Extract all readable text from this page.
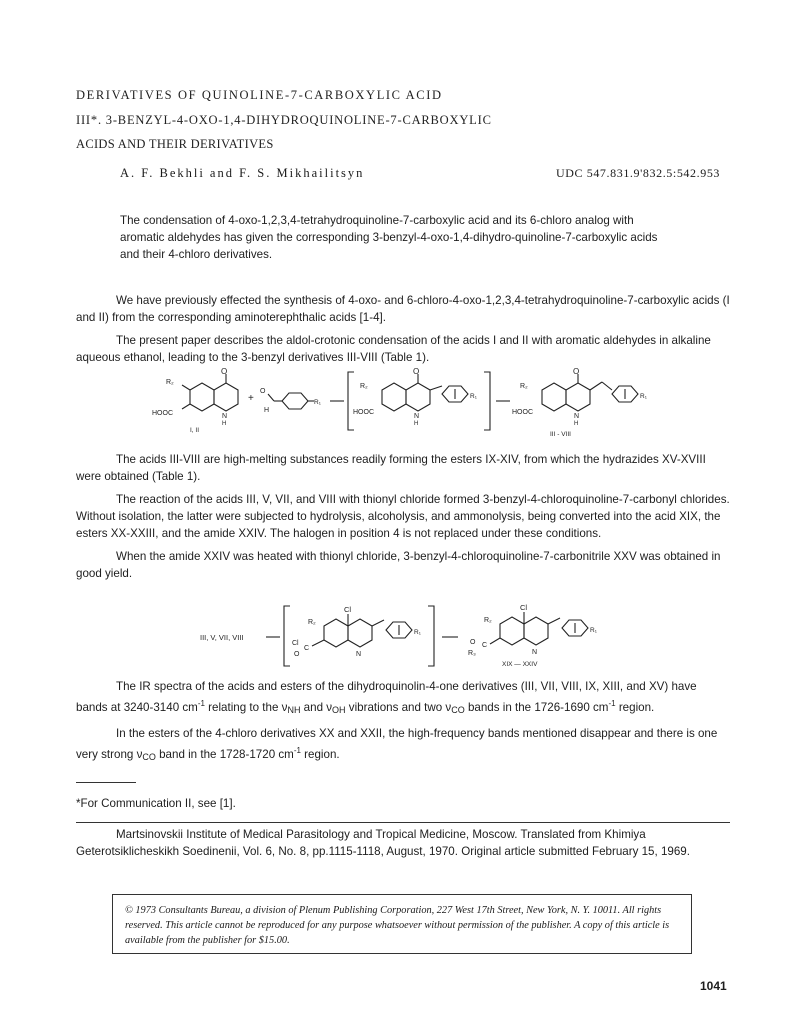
DERIVATIVES OF QUINOLINE-7-CARBOXYLIC ACID
III*. 3-BENZYL-4-OXO-1,4-DIHYDROQUINOLINE-7-CARBOXYLIC
ACIDS AND THEIR DERIVATIVES
A. F. Bekhli and F. S. Mikhailitsyn	UDC 547.831.9'832.5:542.953
The condensation of 4-oxo-1,2,3,4-tetrahydroquinoline-7-carboxylic acid and its 6-chloro analog with aromatic aldehydes has given the corresponding 3-benzyl-4-oxo-1,4-dihydro-quinoline-7-carboxylic acids and their 4-chloro derivatives.

We have previously effected the synthesis of 4-oxo- and 6-chloro-4-oxo-1,2,3,4-tetrahydroquinoline-7-carboxylic acids (I and II) from the corresponding aminoterephthalic acids [1-4].

The present paper describes the aldol-crotonic condensation of the acids I and II with aromatic aldehydes in alkaline aqueous ethanol, leading to the 3-benzyl derivatives III-VIII (Table 1).

O
R₂
HOOC	N
H
I, II
+
O
H
R₁
O
R₂
HOOC
N
H
R₁
O
R₂
HOOC
N
H
R₁
III - VIII

The acids III-VIII are high-melting substances readily forming the esters IX-XIV, from which the hydrazides XV-XVIII were obtained (Table 1).

The reaction of the acids III, V, VII, and VIII with thionyl chloride formed 3-benzyl-4-chloroquinoline-7-carbonyl chlorides. Without isolation, the latter were subjected to hydrolysis, alcoholysis, and ammonolysis, being converted into the acid XIX, the esters XX-XXIII, and the amide XXIV. The halogen in position 4 is not replaced under these conditions.

When the amide XXIV was heated with thionyl chloride, 3-benzyl-4-chloroquinoline-7-carbonitrile XXV was obtained in good yield.

III, V, VII, VIII
Cl
R₂
Cl
O
C
N
R₁
Cl
R₂
O C
R₃	N
R₁
XIX — XXIV

The IR spectra of the acids and esters of the dihydroquinolin-4-one derivatives (III, VII, VIII, IX, XIII, and XV) have bands at 3240-3140 $cm^{-1}$ relating to the $\nu_{NH}$ and $\nu_{OH}$ vibrations and two $\nu_{CO}$ bands in the 1726-1690 $cm^{-1}$ region.

In the esters of the 4-chloro derivatives XX and XXII, the high-frequency bands mentioned disappear and there is one very strong $\nu_{CO}$ band in the 1728-1720 $cm^{-1}$ region.

*For Communication II, see [1].
Martsinovskii Institute of Medical Parasitology and Tropical Medicine, Moscow. Translated from Khimiya Geterotsiklicheskikh Soedinenii, Vol. 6, No. 8, pp.1115-1118, August, 1970. Original article submitted February 15, 1969.
© 1973 Consultants Bureau, a division of Plenum Publishing Corporation, 227 West 17th Street, New York, N. Y. 10011. All rights reserved. This article cannot be reproduced for any purpose whatsoever without permission of the publisher. A copy of this article is available from the publisher for $15.00.
1041
